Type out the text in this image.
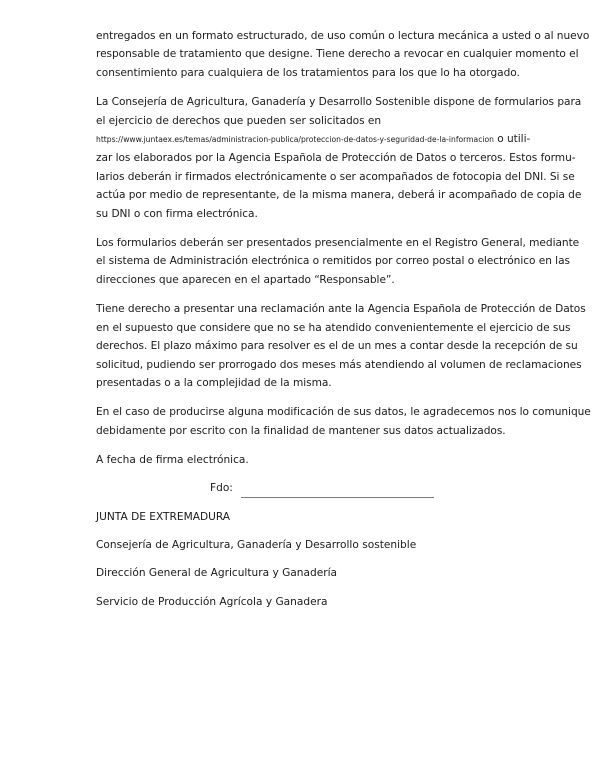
entregados en un formato estructurado, de uso común o lectura mecánica a usted o al nuevo
responsable de tratamiento que designe. Tiene derecho a revocar en cualquier momento el
consentimiento para cualquiera de los tratamientos para los que lo ha otorgado.

La Consejería de Agricultura, Ganadería y Desarrollo Sostenible dispone de formularios para
el ejercicio de derechos que pueden ser solicitados en
https://www.juntaex.es/temas/administracion-publica/proteccion-de-datos-y-seguridad-de-la-informacion o utili-
zar los elaborados por la Agencia Española de Protección de Datos o terceros. Estos formu-
larios deberán ir firmados electrónicamente o ser acompañados de fotocopia del DNI. Si se
actúa por medio de representante, de la misma manera, deberá ir acompañado de copia de
su DNI o con firma electrónica.

Los formularios deberán ser presentados presencialmente en el Registro General, mediante
el sistema de Administración electrónica o remitidos por correo postal o electrónico en las
direcciones que aparecen en el apartado “Responsable”.

Tiene derecho a presentar una reclamación ante la Agencia Española de Protección de Datos
en el supuesto que considere que no se ha atendido convenientemente el ejercicio de sus
derechos. El plazo máximo para resolver es el de un mes a contar desde la recepción de su
solicitud, pudiendo ser prorrogado dos meses más atendiendo al volumen de reclamaciones
presentadas o a la complejidad de la misma.

En el caso de producirse alguna modificación de sus datos, le agradecemos nos lo comunique
debidamente por escrito con la finalidad de mantener sus datos actualizados.

A fecha de firma electrónica.

Fdo:

JUNTA DE EXTREMADURA

Consejería de Agricultura, Ganadería y Desarrollo sostenible

Dirección General de Agricultura y Ganadería

Servicio de Producción Agrícola y Ganadera
